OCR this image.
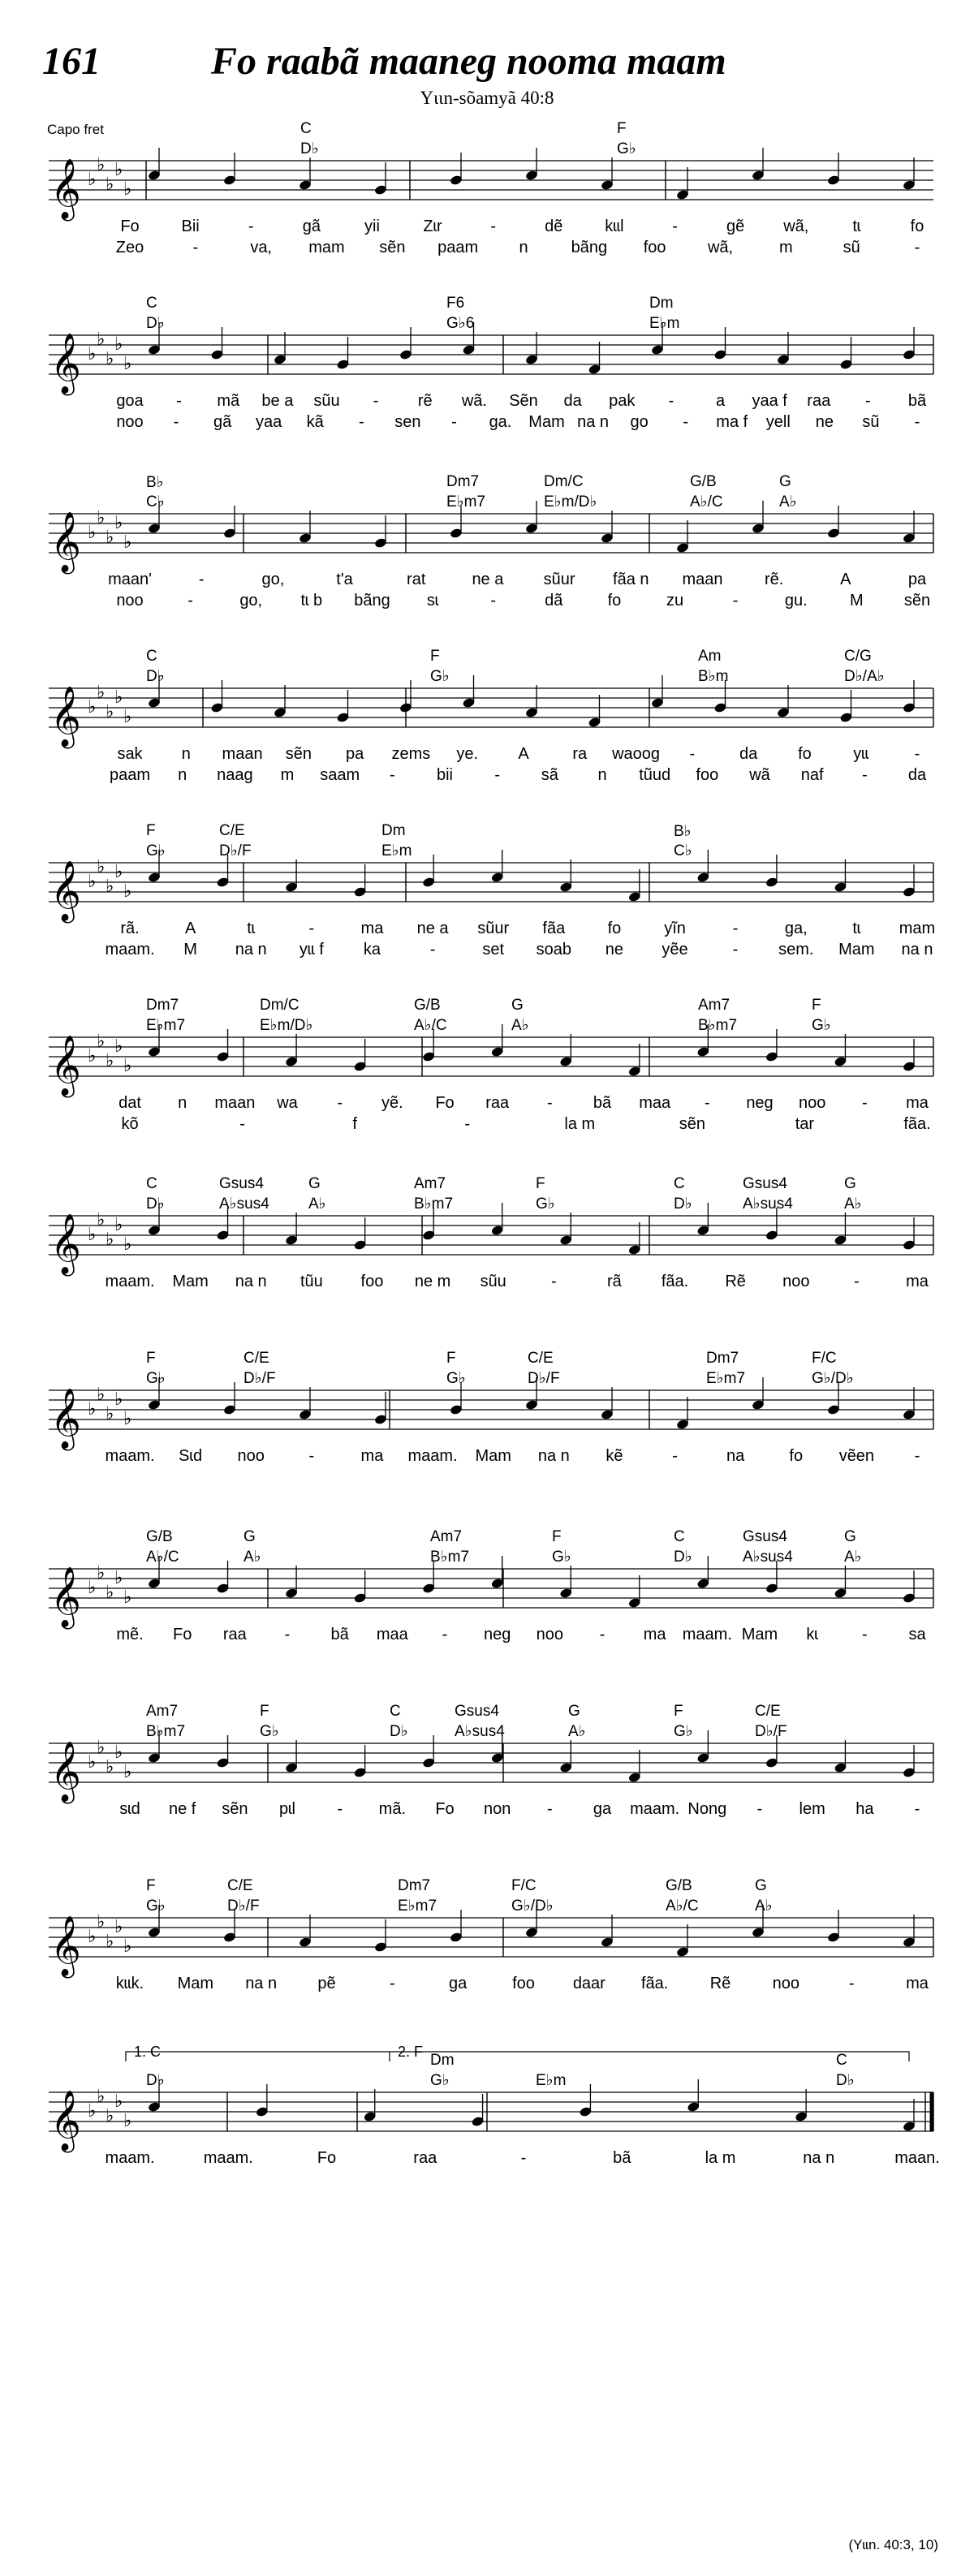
161	Fo raabã maaneg nooma maam
Yɩɩn-sõamyã 40:8
Capo fret
𝄞 ♭
♭
♭
♭
♭
C	F
D♭	G♭
Fo	Bii	-	gã	yii	Zɩr	-	dẽ	kɩɩl	-	gẽ wã,	tɩ	fo
Zeo	-	va, mam sẽn paam	n	bãng foo	wã,	m	sũ	-
𝄞 ♭
♭
♭
♭
♭
C	F6	Dm
D♭	G♭6	E♭m
goa - mã be a sũu - rẽ wã. Sẽn da pak -	a yaa f raa - bã
noo - gã yaa kã - sen - ga. Mam na n go - ma f yell ne sũ -
𝄞 ♭
♭
♭
♭
♭
B♭	Dm7	Dm/C	G/B	G
C♭	E♭m7	E♭m/D♭	A♭/C	A♭
maan'	-	go,	t'a	rat	ne a sũur fãa n maan	rẽ.	A	pa
noo	-	go, tɩ b bãng sɩ	-	dã	fo	zu	-	gu.	M	sẽn
𝄞 ♭
♭
♭
♭
♭
C	F	Am	C/G
D♭	G♭	B♭m	D♭/A♭
sak n maan sẽn pa zems ye. A	ra waoog -	da fo	yɩɩ	-
paam n naag m saam -	bii	-	sã n tũud foo wã naf -	da
𝄞 ♭
♭
♭
♭
♭
F	C/E	Dm	B♭
G♭	D♭/F	E♭m	C♭
rã.	A	tɩ	-	ma ne a sũur fãa	fo	yĩn	-	ga,	tɩ mam
maam. M na n yɩɩ f ka	-	set soab ne yẽe	- sem. Mam na n
𝄞 ♭
♭
♭
♭
♭
Dm7	Dm/C	G/B	G	Am7	F
E♭m7	E♭m/D♭	A♭/C	A♭	B♭m7	G♭
dat n maan wa - yẽ. Fo raa -	bã maa - neg noo - ma
kõ	-	f	-	la m	sẽn	tar	fãa.
𝄞 ♭
♭
♭
♭
♭
C	Gsus4	G	Am7	F	C	Gsus4	G
D♭	A♭sus4	A♭	B♭m7	G♭	D♭	A♭sus4	A♭
maam. Mam na n tũu foo ne m sũu	-	rã fãa. Rẽ noo	-	ma
𝄞 ♭
♭
♭
♭
♭
F	C/E	F	C/E	Dm7	F/C
G♭	D♭/F	G♭	D♭/F	E♭m7	G♭/D♭
maam. Sɩd noo	-	ma maam. Mam na n kẽ	-	na	fo vẽen -
𝄞 ♭
♭
♭
♭
♭
G/B	G	Am7	F	C	Gsus4	G
A♭/C	A♭	B♭m7	G♭	D♭	A♭sus4	A♭
mẽ. Fo raa -	bã maa - neg noo - ma maam. Mam kɩ	-	sa
𝄞 ♭
♭
♭
♭
♭
Am7	F	C	Gsus4	G	F	C/E
B♭m7	G♭	D♭	A♭sus4	A♭	G♭	D♭/F
sɩd ne f sẽn pɩl	- mã. Fo non -	ga maam. Nong - lem ha	-
𝄞 ♭
♭
♭
♭
♭
F	C/E	Dm7	F/C	G/B	G
G♭	D♭/F	E♭m7	G♭/D♭	A♭/C	A♭
kɩɩk. Mam na n	pẽ	-	ga	foo daar fãa.	Rẽ	noo	-	ma
𝄞 ♭
♭
♭
♭
♭
Dm	C
D♭	G♭	E♭m	D♭
1. C	2. F
maam.	maam.	Fo	raa	-	bã	la m	na n	maan.
(Yɩɩn. 40:3, 10)
